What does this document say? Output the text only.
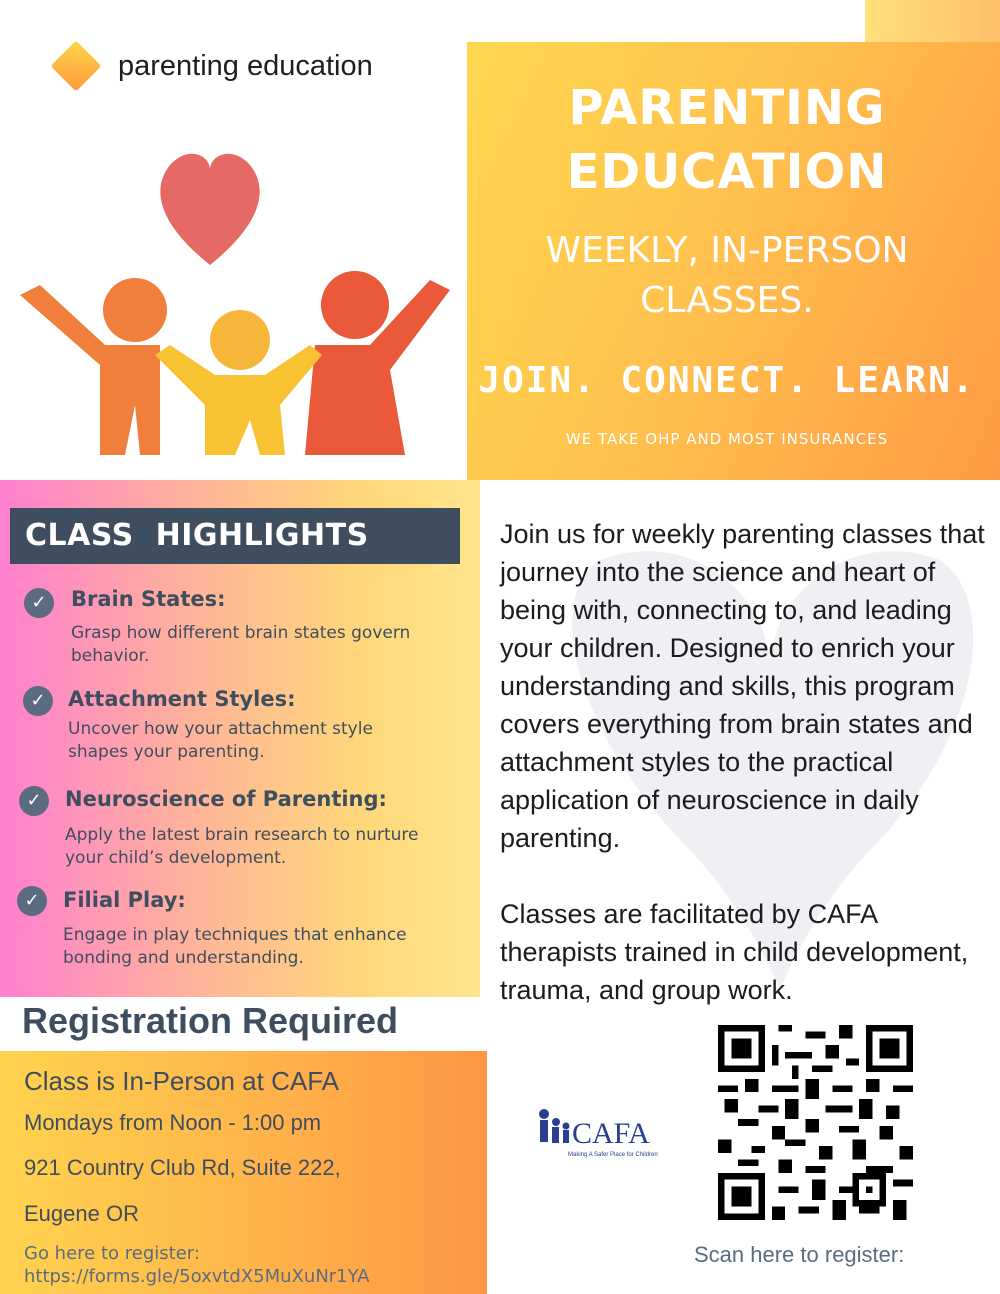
parenting education
PARENTING
EDUCATION
WEEKLY, IN-PERSON
CLASSES.
JOIN. CONNECT. LEARN.
WE TAKE OHP AND MOST INSURANCES
CLASS  HIGHLIGHTS
✓	Brain States:
Grasp how different brain states govern
behavior.
✓	Attachment Styles:
Uncover how your attachment style
shapes your parenting.
✓	Neuroscience of Parenting:
Apply the latest brain research to nurture
your child’s development.
✓	Filial Play:
Engage in play techniques that enhance
bonding and understanding.

Join us for weekly parenting classes that journey into the science and heart of being with, connecting to, and leading your children. Designed to enrich your understanding and skills, this program covers everything from brain states and attachment styles to the practical application of neuroscience in daily parenting.

Classes are facilitated by CAFA therapists trained in child development, trauma, and group work.

Registration Required
Class is In-Person at CAFA
Mondays from Noon - 1:00 pm
921 Country Club Rd, Suite 222,
Eugene OR
Go here to register:
https://forms.gle/5oxvtdX5MuXuNr1YA
CAFA
Making A Safer Place for Children
Scan here to register:
